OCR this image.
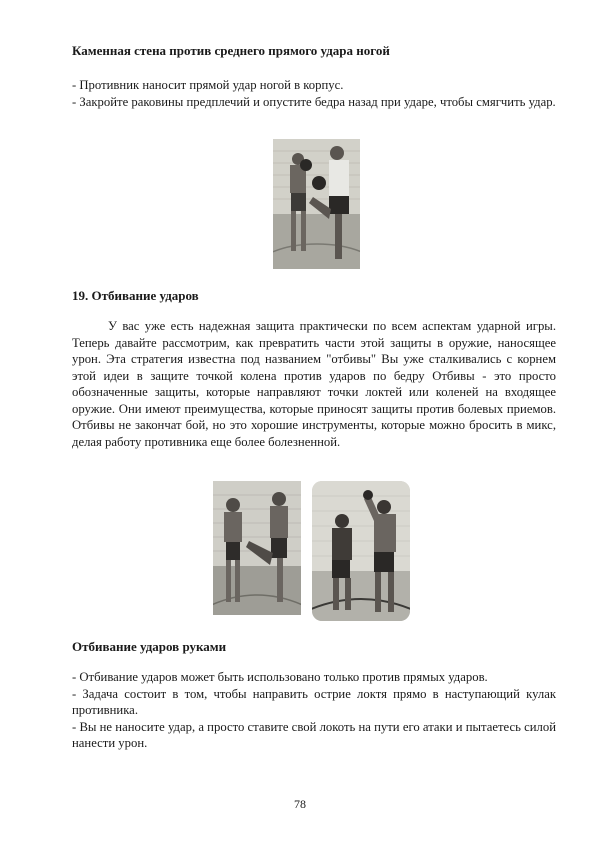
Каменная стена против среднего прямого удара ногой

- Противник наносит прямой удар ногой в корпус.

- Закройте раковины предплечий и опустите бедра назад при ударе, чтобы смягчить удар.

19. Отбивание ударов

У вас уже есть надежная защита практически по всем аспектам ударной игры. Теперь давайте рассмотрим, как превратить части этой защиты в оружие, наносящее урон. Эта стратегия известна под названием "отбивы" Вы уже сталкивались с корнем этой идеи в защите точкой колена против ударов по бедру Отбивы - это просто обозначенные защиты, которые направляют точки локтей или коленей на входящее оружие. Они имеют преимущества, которые приносят защиты против болевых приемов. Отбивы не закончат бой, но это хорошие инструменты, которые можно бросить в микс, делая работу противника еще более болезненной.

Отбивание ударов руками

- Отбивание ударов может быть использовано только против прямых ударов.

- Задача состоит в том, чтобы направить острие локтя прямо в наступающий кулак противника.

- Вы не наносите удар, а просто ставите свой локоть на пути его атаки и пытаетесь силой нанести урон.

78
